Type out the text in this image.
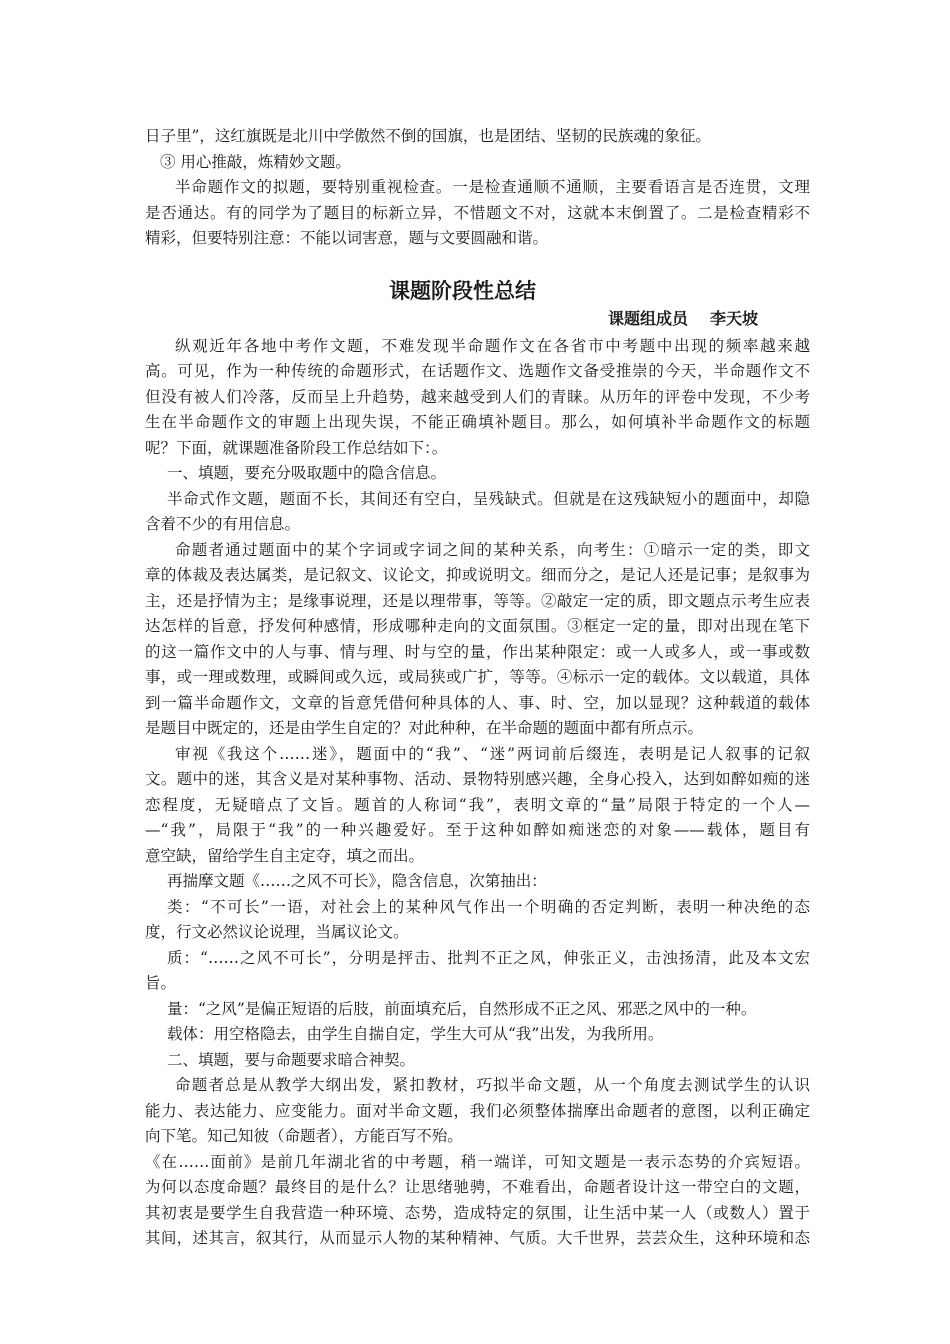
日子里”，这红旗既是北川中学傲然不倒的国旗，也是团结、坚韧的民族魂的象征。
③ 用心推敲，炼精妙文题。
半命题作文的拟题，要特别重视检查。一是检查通顺不通顺，主要看语言是否连贯，文理
是否通达。有的同学为了题目的标新立异，不惜题文不对，这就本末倒置了。二是检查精彩不
精彩，但要特别注意：不能以词害意，题与文要圆融和谐。
课题阶段性总结
课题组成员 李天坡
纵观近年各地中考作文题，不难发现半命题作文在各省市中考题中出现的频率越来越
高。可见，作为一种传统的命题形式，在话题作文、选题作文备受推崇的今天，半命题作文不
但没有被人们冷落，反而呈上升趋势，越来越受到人们的青睐。从历年的评卷中发现，不少考
生在半命题作文的审题上出现失误，不能正确填补题目。那么，如何填补半命题作文的标题
呢？下面，就课题准备阶段工作总结如下：。
一、填题，要充分吸取题中的隐含信息。
半命式作文题，题面不长，其间还有空白，呈残缺式。但就是在这残缺短小的题面中，却隐
含着不少的有用信息。
命题者通过题面中的某个字词或字词之间的某种关系，向考生：①暗示一定的类，即文
章的体裁及表达属类，是记叙文、议论文，抑或说明文。细而分之，是记人还是记事；是叙事为
主，还是抒情为主；是缘事说理，还是以理带事，等等。②敲定一定的质，即文题点示考生应表
达怎样的旨意，抒发何种感情，形成哪种走向的文面氛围。③框定一定的量，即对出现在笔下
的这一篇作文中的人与事、情与理、时与空的量，作出某种限定：或一人或多人，或一事或数
事，或一理或数理，或瞬间或久远，或局狭或广扩，等等。④标示一定的载体。文以载道，具体
到一篇半命题作文，文章的旨意凭借何种具体的人、事、时、空，加以显现？这种载道的载体
是题目中既定的，还是由学生自定的？对此种种，在半命题的题面中都有所点示。
审视《我这个……迷》，题面中的“我”、“迷”两词前后缀连，表明是记人叙事的记叙
文。题中的迷，其含义是对某种事物、活动、景物特别感兴趣，全身心投入，达到如醉如痴的迷
恋程度，无疑暗点了文旨。题首的人称词“我”，表明文章的“量”局限于特定的一个人—
—“我”，局限于“我”的一种兴趣爱好。至于这种如醉如痴迷恋的对象——载体，题目有
意空缺，留给学生自主定夺，填之而出。
再揣摩文题《……之风不可长》，隐含信息，次第抽出：
类：“不可长”一语，对社会上的某种风气作出一个明确的否定判断，表明一种决绝的态
度，行文必然议论说理，当属议论文。
质：“……之风不可长”，分明是抨击、批判不正之风，伸张正义，击浊扬清，此及本文宏
旨。
量：“之风”是偏正短语的后肢，前面填充后，自然形成不正之风、邪恶之风中的一种。
载体：用空格隐去，由学生自揣自定，学生大可从“我”出发，为我所用。
二、填题，要与命题要求暗合神契。
命题者总是从教学大纲出发，紧扣教材，巧拟半命文题，从一个角度去测试学生的认识
能力、表达能力、应变能力。面对半命文题，我们必须整体揣摩出命题者的意图，以利正确定
向下笔。知己知彼（命题者），方能百写不殆。
《在……面前》是前几年湖北省的中考题，稍一端详，可知文题是一表示态势的介宾短语。
为何以态度命题？最终目的是什么？让思绪驰骋，不难看出，命题者设计这一带空白的文题，
其初衷是要学生自我营造一种环境、态势，造成特定的氛围，让生活中某一人（或数人）置于
其间，述其言，叙其行，从而显示人物的某种精神、气质。大千世界，芸芸众生，这种环境和态
